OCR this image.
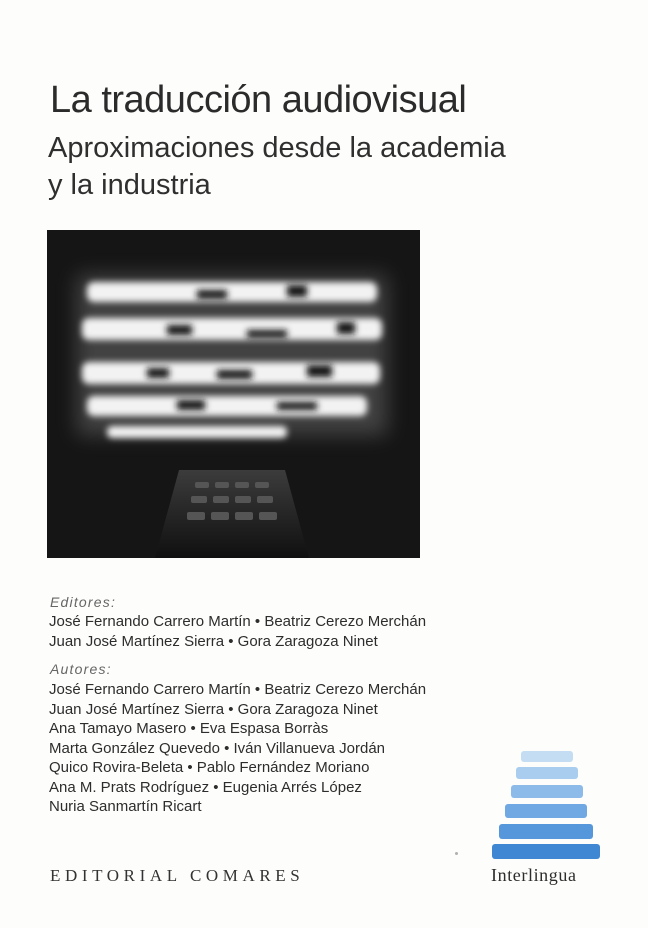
La traducción audiovisual
Aproximaciones desde la academia
y la industria
Editores:
José Fernando Carrero Martín • Beatriz Cerezo Merchán
Juan José Martínez Sierra • Gora Zaragoza Ninet
Autores:
José Fernando Carrero Martín • Beatriz Cerezo Merchán
Juan José Martínez Sierra • Gora Zaragoza Ninet
Ana Tamayo Masero • Eva Espasa Borràs
Marta González Quevedo • Iván Villanueva Jordán
Quico Rovira-Beleta • Pablo Fernández Moriano
Ana M. Prats Rodríguez • Eugenia Arrés López
Nuria Sanmartín Ricart
EDITORIAL COMARES	Interlingua
